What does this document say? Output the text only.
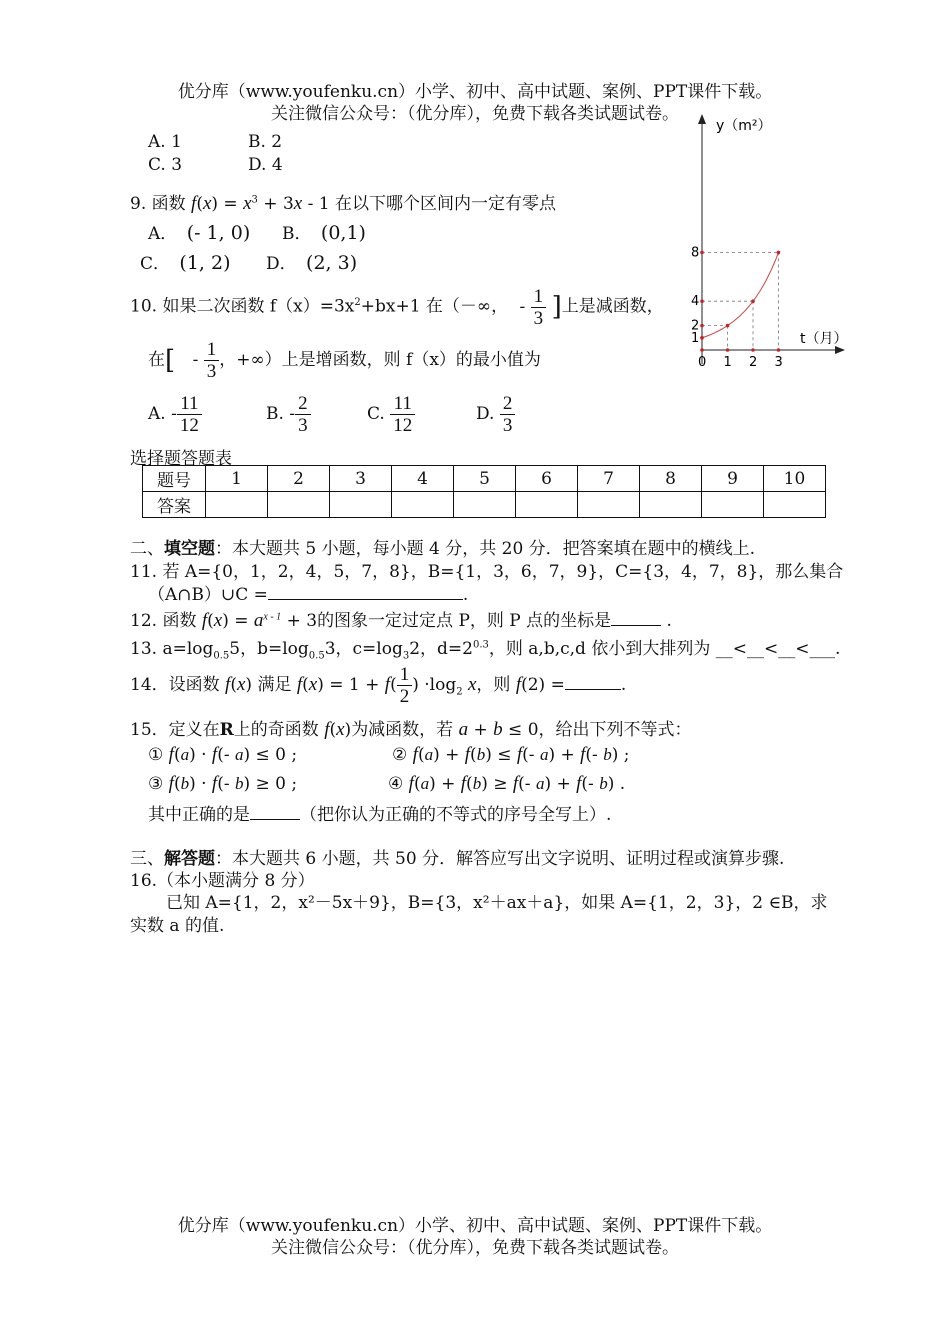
优分库（www.youfenku.cn）小学、初中、高中试题、案例、PPT课件下载。
关注微信公众号：（优分库），免费下载各类试题试卷。
A. 1	B. 2
C. 3	D. 4
9. 函数 $f(x) = x^3 + 3x - 1$ 在以下哪个区间内一定有零点
A． (- 1, 0) B． (0,1)
C． (1, 2) D． (2, 3)
10. 如果二次函数 $f(x)=3x^2+bx+1$ 在（－∞， - $\frac{1}{3}$ ]上是减函数，
在[ - $\frac{1}{3}$ ，+∞）上是增函数，则 f（x）的最小值为
A. - $\frac{11}{12}$	B. - $\frac{2}{3}$	C. $\frac{11}{12}$	D. $\frac{2}{3}$
y（m²）
t（月）
8
4
2
1
0 1 2 3
选择题答题表
题号	1	2	3	4	5	6	7	8	9	10
答案										
二、填空题：本大题共 5 小题，每小题 4 分，共 20 分．把答案填在题中的横线上.
11. 若 A={0，1，2，4，5，7，8}，B={1，3，6，7，9}，C={3，4，7，8}，那么集合
（A∩B）∪C =	.
12. 函数 $f(x) = a^{x - 1} + 3$的图象一定过定点 P，则 P 点的坐标是	.
13. $a=\log_{0.5}5$，$b=\log_{0.5}3$，$c=\log_32$，$d=2^{0.3}$，则 a,b,c,d 依小到大排列为 __<__<__<___.
14．设函数 f(x) 满足 $f(x) = 1 + f( \frac{1}{2}$ ) $\cdot\log_2$ x，则 f(2) =	.
15．定义在R上的奇函数 f(x)为减函数，若 a + b ≤ 0，给出下列不等式：
① f(a) · f(- a) ≤ 0 ;	② f(a) + f(b) ≤ f(- a) + f(- b) ;
③ f(b) · f(- b) ≥ 0 ;	④ f(a) + f(b) ≥ f(- a) + f(- b) .
其中正确的是	（把你认为正确的不等式的序号全写上）.
三、解答题：本大题共 6 小题，共 50 分．解答应写出文字说明、证明过程或演算步骤.
16.（本小题满分 8 分）
已知 A={1，2，x²－5x＋9}，B={3，x²＋ax＋a}，如果 A={1，2，3}，2 ∈B，求
实数 a 的值.
优分库（www.youfenku.cn）小学、初中、高中试题、案例、PPT课件下载。
关注微信公众号：（优分库），免费下载各类试题试卷。
